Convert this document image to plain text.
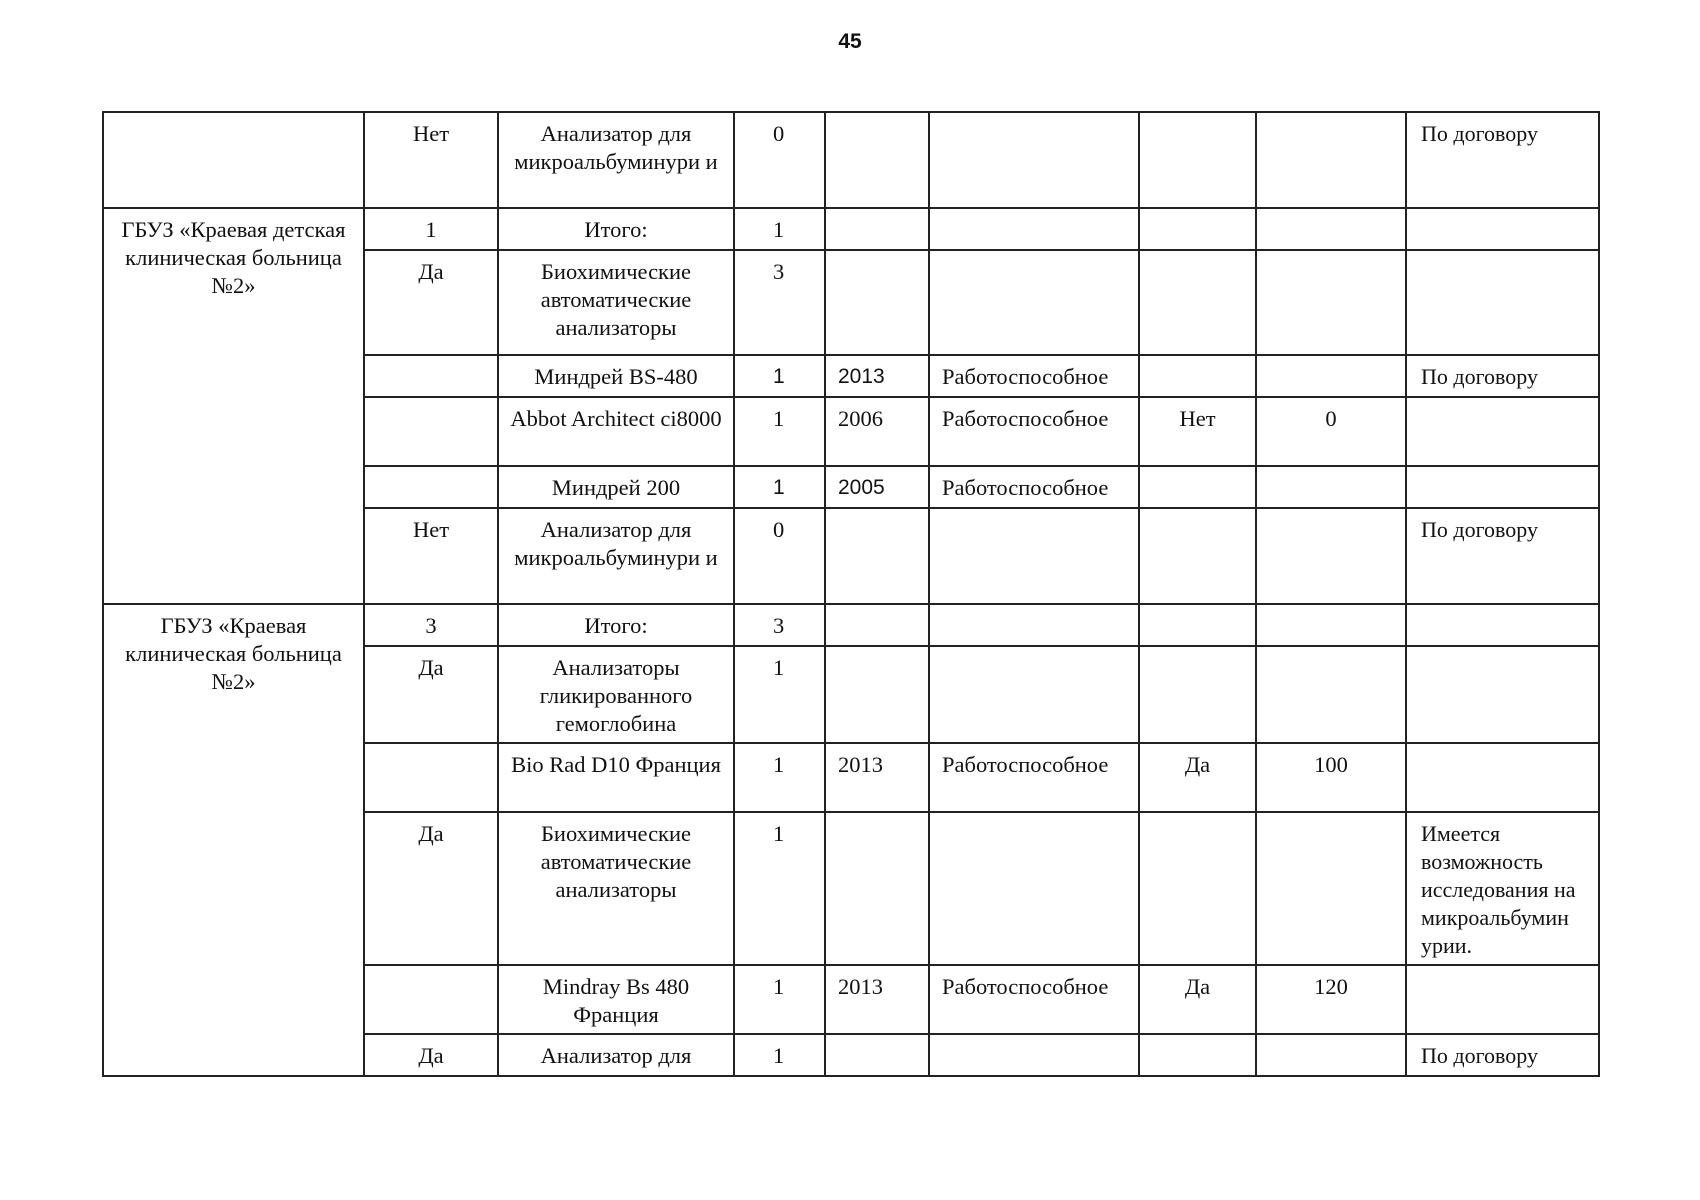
45
	Нет	Анализатор для микроальбуминури и	0					По договору
ГБУЗ «Краевая детская клиническая больница №2»	1	Итого:	1					
	Да	Биохимические автоматические анализаторы	3					
		Миндрей BS-480	1	2013	Работоспособное			По договору
		Abbot Architect ci8000	1	2006	Работоспособное	Нет	0	
		Миндрей 200	1	2005	Работоспособное			
	Нет	Анализатор для микроальбуминури и	0					По договору
ГБУЗ «Краевая клиническая больница №2»	3	Итого:	3					
	Да	Анализаторы гликированного гемоглобина	1					
		Bio Rad D10 Франция	1	2013	Работоспособное	Да	100	
	Да	Биохимические автоматические анализаторы	1					Имеется возможность исследования на микроальбумин урии.
		Mindray Bs 480 Франция	1	2013	Работоспособное	Да	120	
	Да	Анализатор для	1					По договору
